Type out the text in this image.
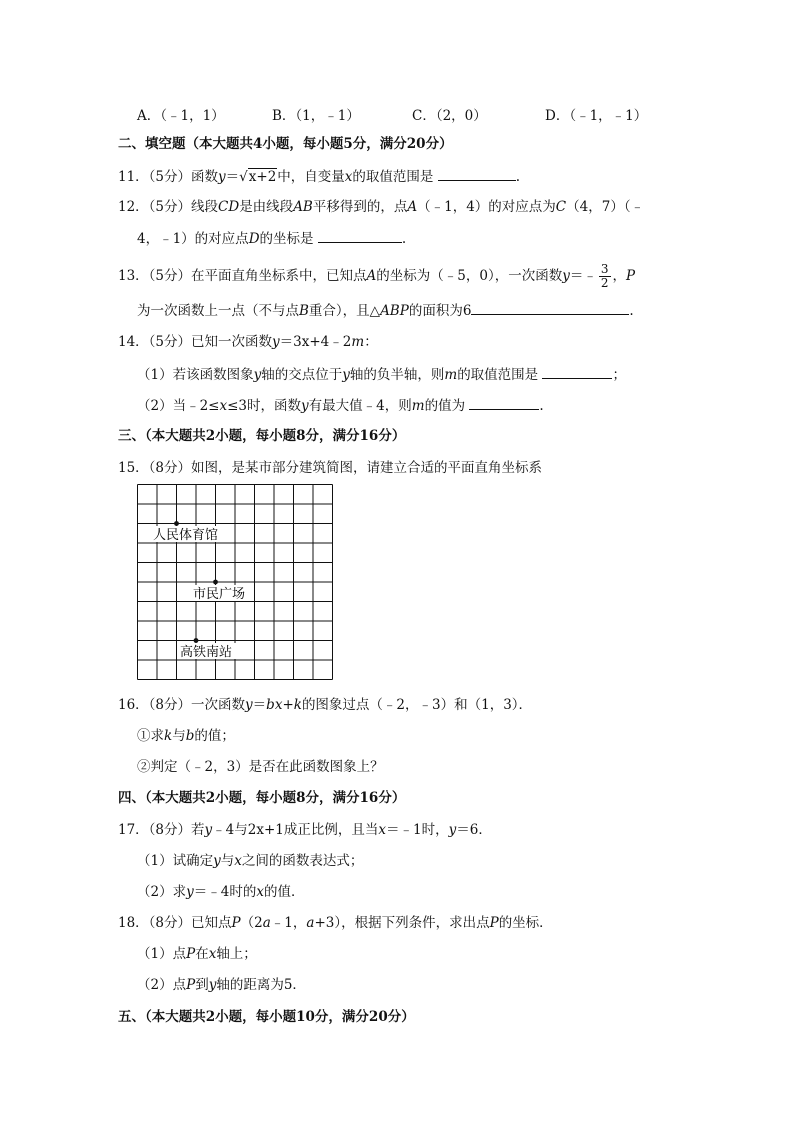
A．（﹣1，1）	B．（1，﹣1）	C．（2，0）	D．（﹣1，﹣1）
二、填空题（本大题共4小题，每小题5分，满分20分）
11．（5分）函数y＝√x+2中，自变量x的取值范围是	.
12．（5分）线段CD是由线段AB平移得到的，点A（﹣1，4）的对应点为C（4，7）（﹣
4，﹣1）的对应点D的坐标是	.
13．（5分）在平面直角坐标系中，已知点A的坐标为（﹣5，0），一次函数y＝﹣ $\frac{3}{2}$ ，P
为一次函数上一点（不与点B重合），且△ABP的面积为6	.
14．（5分）已知一次函数y＝3x+4﹣2m：
（1）若该函数图象y轴的交点位于y轴的负半轴，则m的取值范围是	；
（2）当﹣2≤x≤3时，函数y有最大值﹣4，则m的值为	.
三、（本大题共2小题，每小题8分，满分16分）
15．（8分）如图，是某市部分建筑简图，请建立合适的平面直角坐标系
人民体育馆
市民广场
高铁南站
16．（8分）一次函数y＝bx+k的图象过点（﹣2，﹣3）和（1，3）．
①求k与b的值；
②判定（﹣2，3）是否在此函数图象上？
四、（本大题共2小题，每小题8分，满分16分）
17．（8分）若y﹣4与2x+1成正比例，且当x＝﹣1时，y＝6．
（1）试确定y与x之间的函数表达式；
（2）求y＝﹣4时的x的值．
18．（8分）已知点P（2a﹣1，a+3），根据下列条件，求出点P的坐标．
（1）点P在x轴上；
（2）点P到y轴的距离为5．
五、（本大题共2小题，每小题10分，满分20分）
